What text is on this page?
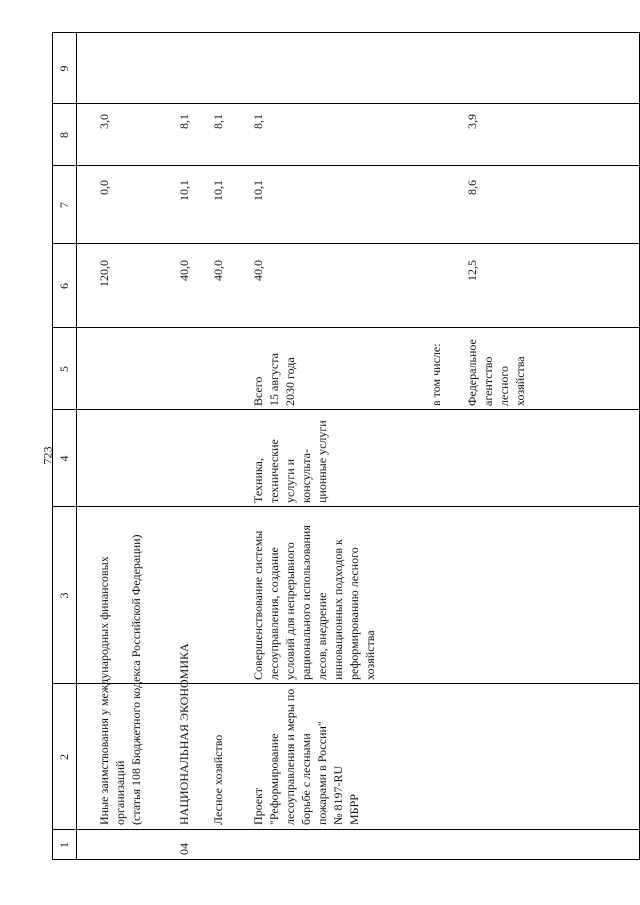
723
1
2
3
4
5
6
7
8
9
Иные заимствования у международных финансовых организаций
(статья 108 Бюджетного кодекса Российской Федерации)
120,0
0,0
3,0
04
НАЦИОНАЛЬНАЯ ЭКОНОМИКА
40,0
10,1
8,1
Лесное хозяйство
40,0
10,1
8,1
Проект
"Реформирование лесоуправления и меры по борьбе с лесными пожарами в России"
№ 8197-RU
МБРР
Совершенствование системы лесоуправления, создание условий для непрерывного рационального использования лесов, внедрение инновационных подходов к реформированию лесного хозяйства
Техника, технические услуги и консульта-ционные услуги
Всего
15 августа 2030 года
40,0
10,1
8,1
в том числе: Федеральное агентство лесного хозяйства
12,5
8,6
3,9
